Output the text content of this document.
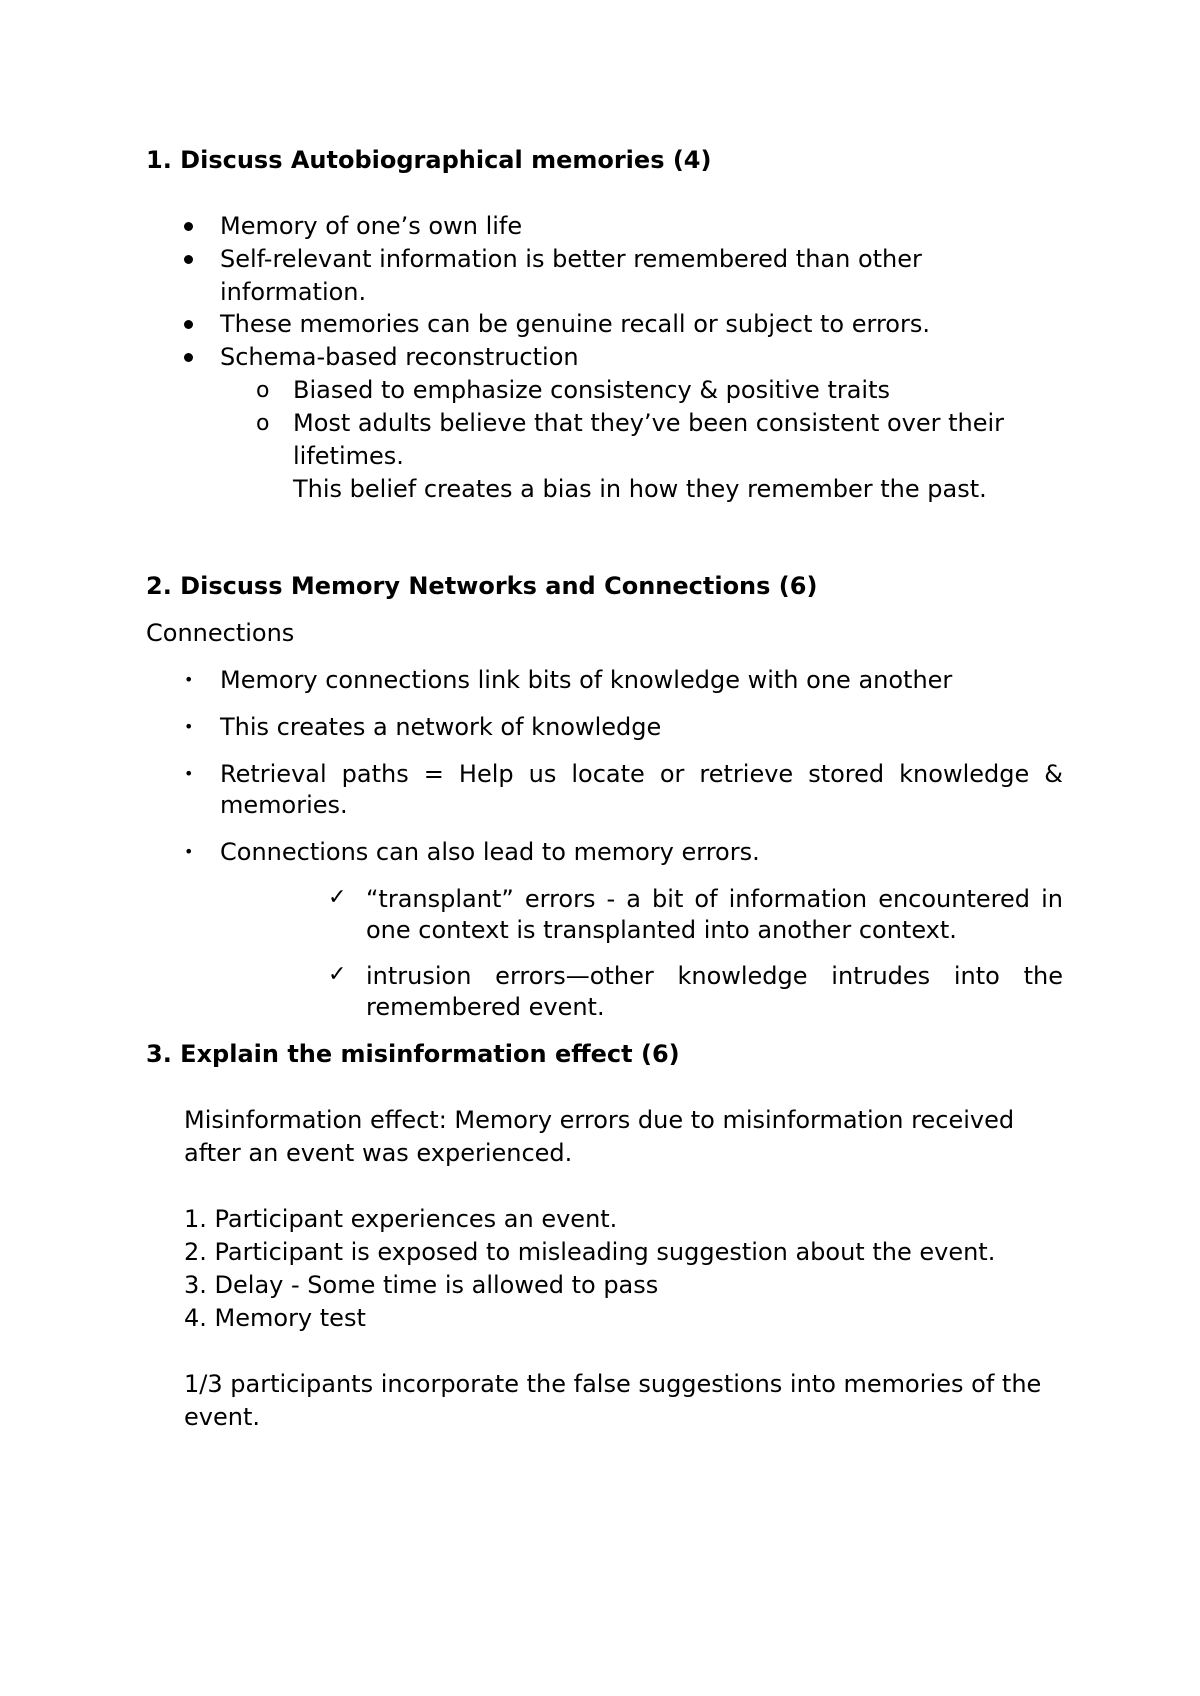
1. Discuss Autobiographical memories (4)
Memory of one’s own life
Self-relevant information is better remembered than other
information.
These memories can be genuine recall or subject to errors.
Schema-based reconstruction
o Biased to emphasize consistency & positive traits
o Most adults believe that they’ve been consistent over their
lifetimes.
This belief creates a bias in how they remember the past.
2. Discuss Memory Networks and Connections (6)
Connections
• Memory connections link bits of knowledge with one another
• This creates a network of knowledge
• Retrieval paths = Help us locate or retrieve stored knowledge &
memories.
• Connections can also lead to memory errors.
✓ “transplant” errors - a bit of information encountered in
one context is transplanted into another context.
✓ intrusion errors—other knowledge intrudes into the
remembered event.
3. Explain the misinformation effect (6)
Misinformation effect: Memory errors due to misinformation received
after an event was experienced.
1. Participant experiences an event.
2. Participant is exposed to misleading suggestion about the event.
3. Delay - Some time is allowed to pass
4. Memory test
1/3 participants incorporate the false suggestions into memories of the
event.
